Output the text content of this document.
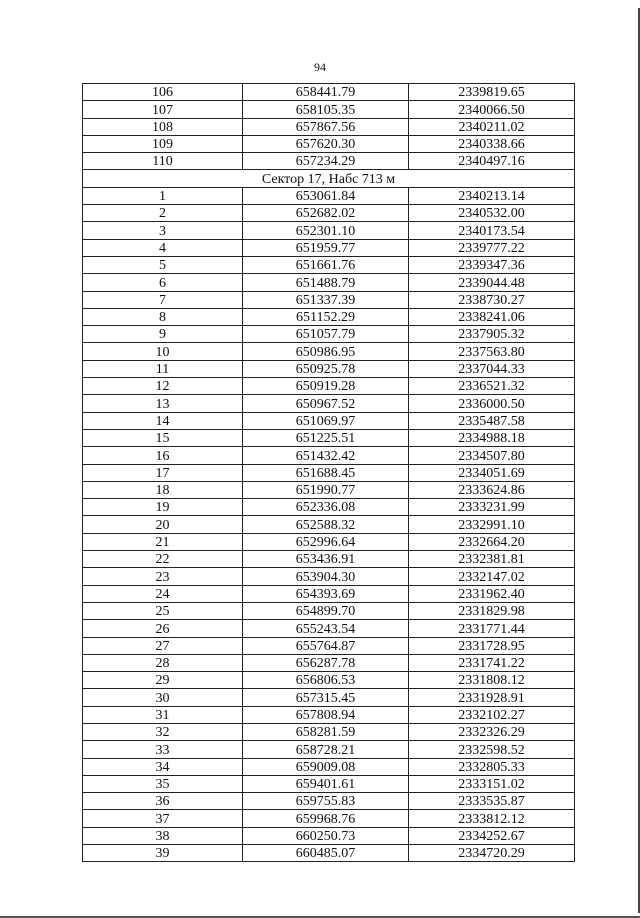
94
106	658441.79	2339819.65
107	658105.35	2340066.50
108	657867.56	2340211.02
109	657620.30	2340338.66
110	657234.29	2340497.16
Сектор 17, Набс 713 м		
1	653061.84	2340213.14
2	652682.02	2340532.00
3	652301.10	2340173.54
4	651959.77	2339777.22
5	651661.76	2339347.36
6	651488.79	2339044.48
7	651337.39	2338730.27
8	651152.29	2338241.06
9	651057.79	2337905.32
10	650986.95	2337563.80
11	650925.78	2337044.33
12	650919.28	2336521.32
13	650967.52	2336000.50
14	651069.97	2335487.58
15	651225.51	2334988.18
16	651432.42	2334507.80
17	651688.45	2334051.69
18	651990.77	2333624.86
19	652336.08	2333231.99
20	652588.32	2332991.10
21	652996.64	2332664.20
22	653436.91	2332381.81
23	653904.30	2332147.02
24	654393.69	2331962.40
25	654899.70	2331829.98
26	655243.54	2331771.44
27	655764.87	2331728.95
28	656287.78	2331741.22
29	656806.53	2331808.12
30	657315.45	2331928.91
31	657808.94	2332102.27
32	658281.59	2332326.29
33	658728.21	2332598.52
34	659009.08	2332805.33
35	659401.61	2333151.02
36	659755.83	2333535.87
37	659968.76	2333812.12
38	660250.73	2334252.67
39	660485.07	2334720.29
